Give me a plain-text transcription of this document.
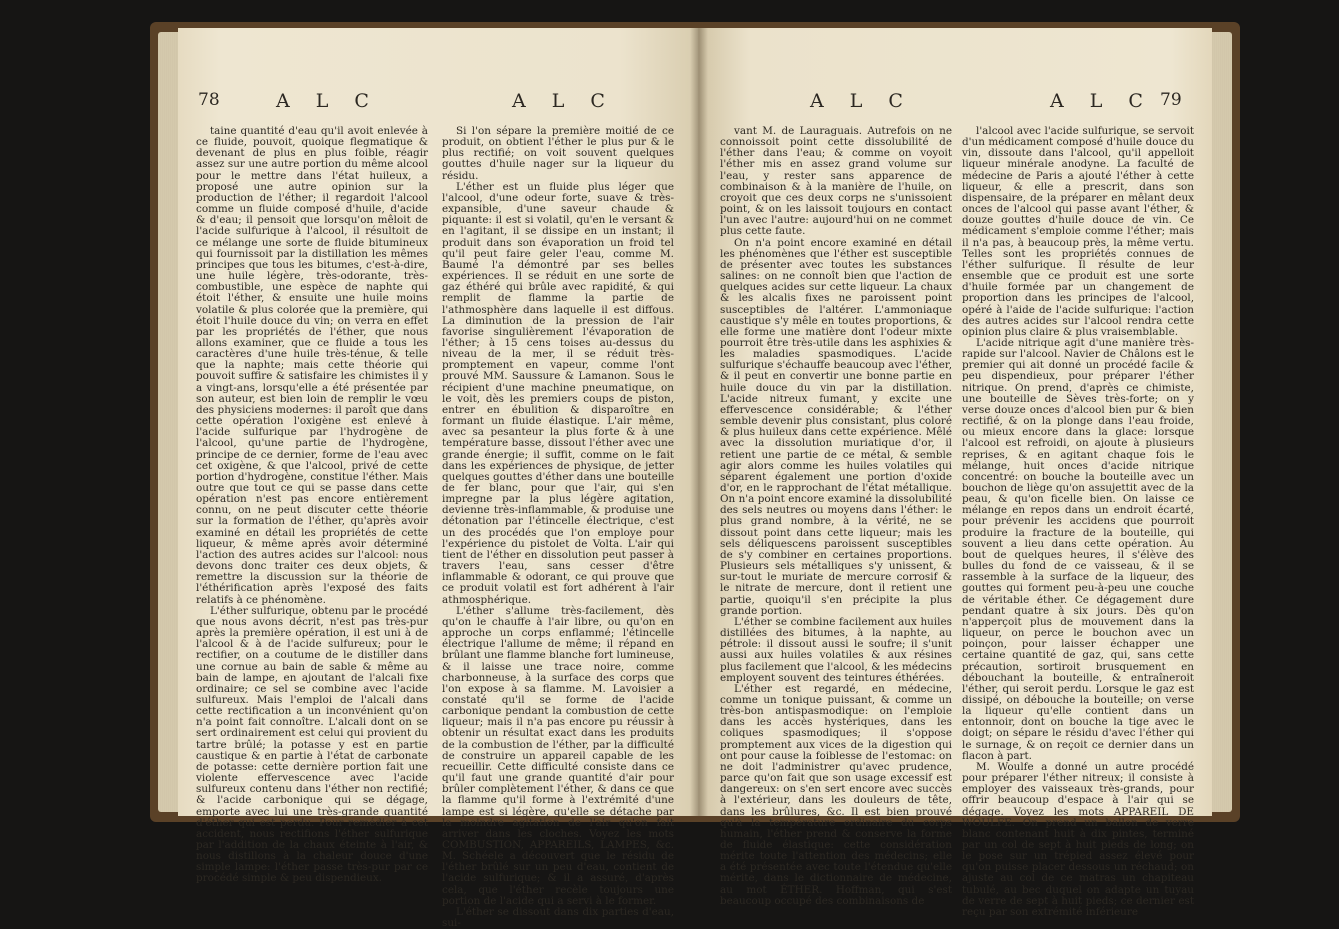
78	A L C	A L C

taine quantité d'eau qu'il avoit enlevée à ce fluide, pouvoit, quoique flegmatique & devenant de plus en plus foible, réagir assez sur une autre portion du même alcool pour le mettre dans l'état huileux, a proposé une autre opinion sur la production de l'éther; il regardoit l'alcool comme un fluide composé d'huile, d'acide & d'eau; il pensoit que lorsqu'on mêloit de l'acide sulfurique à l'alcool, il résultoit de ce mélange une sorte de fluide bitumineux qui fournissoit par la distillation les mêmes principes que tous les bitumes, c'est-à-dire, une huile légère, très-odorante, très-combustible, une espèce de naphte qui étoit l'éther, & ensuite une huile moins volatile & plus colorée que la première, qui étoit l'huile douce du vin; on verra en effet par les propriétés de l'éther, que nous allons examiner, que ce fluide a tous les caractères d'une huile très-ténue, & telle que la naphte; mais cette théorie qui pouvoit suffire & satisfaire les chimistes il y a vingt-ans, lorsqu'elle a été présentée par son auteur, est bien loin de remplir le vœu des physiciens modernes: il paroît que dans cette opération l'oxigène est enlevé à l'acide sulfurique par l'hydrogène de l'alcool, qu'une partie de l'hydrogène, principe de ce dernier, forme de l'eau avec cet oxigène, & que l'alcool, privé de cette portion d'hydrogène, constitue l'éther. Mais outre que tout ce qui se passe dans cette opération n'est pas encore entièrement connu, on ne peut discuter cette théorie sur la formation de l'éther, qu'après avoir examiné en détail les propriétés de cette liqueur, & même après avoir déterminé l'action des autres acides sur l'alcool: nous devons donc traiter ces deux objets, & remettre la discussion sur la théorie de l'éthérification après l'exposé des faits relatifs à ce phénomène.

L'éther sulfurique, obtenu par le procédé que nous avons décrit, n'est pas très-pur après la première opération, il est uni à de l'alcool & à de l'acide sulfureux; pour le rectifier, on a coutume de le distiller dans une cornue au bain de sable & même au bain de lampe, en ajoutant de l'alcali fixe ordinaire; ce sel se combine avec l'acide sulfureux. Mais l'emploi de l'alcali dans cette rectification a un inconvénient qu'on n'a point fait connoître. L'alcali dont on se sert ordinairement est celui qui provient du tartre brûlé; la potasse y est en partie caustique & en partie à l'état de carbonate de potasse: cette dernière portion fait une violente effervescence avec l'acide sulfureux contenu dans l'éther non rectifié; & l'acide carbonique qui se dégage, emporte avec lui une très-grande quantité d'éther qui est perdu. Pour remédier à cet accident, nous rectifions l'éther sulfurique par l'addition de la chaux éteinte à l'air, & nous distillons à la chaleur douce d'une simple lampe: l'éther passe très-pur par ce procédé simple & peu dispendieux.

Si l'on sépare la première moitié de ce produit, on obtient l'éther le plus pur & le plus rectifié; on voit souvent quelques gouttes d'huile nager sur la liqueur du résidu.

L'éther est un fluide plus léger que l'alcool, d'une odeur forte, suave & très-expansible, d'une saveur chaude & piquante: il est si volatil, qu'en le versant & en l'agitant, il se dissipe en un instant; il produit dans son évaporation un froid tel qu'il peut faire geler l'eau, comme M. Baumé l'a démontré par ses belles expériences. Il se réduit en une sorte de gaz éthéré qui brûle avec rapidité, & qui remplit de flamme la partie de l'athmosphère dans laquelle il est diffous. La diminution de la pression de l'air favorise singulièrement l'évaporation de l'éther; à 15 cens toises au-dessus du niveau de la mer, il se réduit très-promptement en vapeur, comme l'ont prouvé MM. Saussure & Lamanon. Sous le récipient d'une machine pneumatique, on le voit, dès les premiers coups de piston, entrer en ébulition & disparoître en formant un fluide élastique. L'air même, avec sa pesanteur la plus forte & à une température basse, dissout l'éther avec une grande énergie; il suffit, comme on le fait dans les expériences de physique, de jetter quelques gouttes d'éther dans une bouteille de fer blanc, pour que l'air, qui s'en impregne par la plus légère agitation, devienne très-inflammable, & produise une détonation par l'étincelle électrique, c'est un des procédés que l'on employe pour l'expérience du pistolet de Volta. L'air qui tient de l'éther en dissolution peut passer à travers l'eau, sans cesser d'être inflammable & odorant, ce qui prouve que ce produit volatil est fort adhérent à l'air athmosphérique.

L'éther s'allume très-facilement, dès qu'on le chauffe à l'air libre, ou qu'on en approche un corps enflammé; l'étincelle électrique l'allume de même; il répand en brûlant une flamme blanche fort lumineuse, & il laisse une trace noire, comme charbonneuse, à la surface des corps que l'on expose à sa flamme. M. Lavoisier a constaté qu'il se forme de l'acide carbonique pendant la combustion de cette liqueur; mais il n'a pas encore pu réussir à obtenir un résultat exact dans les produits de la combustion de l'éther, par la difficulté de construire un appareil capable de les recueillir. Cette difficulté consiste dans ce qu'il faut une grande quantité d'air pour brûler complètement l'éther, & dans ce que la flamme qu'il forme à l'extrémité d'une lampe est si légère, qu'elle se détache par la moindre agitation de l'air qu'on fait arriver dans les cloches. Voyez les mots COMBUSTION, APPAREILS, LAMPES, &c. M. Schéele a découvert que le résidu de l'éther brûlé sur un peu d'eau, contient de l'acide sulfurique; & il a assuré, d'après cela, que l'éther recèle toujours une portion de l'acide qui a servi à le former.

L'éther se dissout dans dix parties d'eau, sui-

A L C	A L C 79

vant M. de Lauraguais. Autrefois on ne connoissoit point cette dissolubilité de l'éther dans l'eau; & comme on voyoit l'éther mis en assez grand volume sur l'eau, y rester sans apparence de combinaison & à la manière de l'huile, on croyoit que ces deux corps ne s'unissoient point, & on les laissoit toujours en contact l'un avec l'autre: aujourd'hui on ne commet plus cette faute.

On n'a point encore examiné en détail les phénomènes que l'éther est susceptible de présenter avec toutes les substances salines: on ne connoît bien que l'action de quelques acides sur cette liqueur. La chaux & les alcalis fixes ne paroissent point susceptibles de l'altérer. L'ammoniaque caustique s'y mêle en toutes proportions, & elle forme une matière dont l'odeur mixte pourroit être très-utile dans les asphixies & les maladies spasmodiques. L'acide sulfurique s'échauffe beaucoup avec l'éther, & il peut en convertir une bonne partie en huile douce du vin par la distillation. L'acide nitreux fumant, y excite une effervescence considérable; & l'éther semble devenir plus consistant, plus coloré & plus huileux dans cette expérience. Mêlé avec la dissolution muriatique d'or, il retient une partie de ce métal, & semble agir alors comme les huiles volatiles qui séparent également une portion d'oxide d'or, en le rapprochant de l'état métallique. On n'a point encore examiné la dissolubilité des sels neutres ou moyens dans l'éther: le plus grand nombre, à la vérité, ne se dissout point dans cette liqueur; mais les sels déliquescens paroissent susceptibles de s'y combiner en certaines proportions. Plusieurs sels métalliques s'y unissent, & sur-tout le muriate de mercure corrosif & le nitrate de mercure, dont il retient une partie, quoiqu'il s'en précipite la plus grande portion.

L'éther se combine facilement aux huiles distillées des bitumes, à la naphte, au pétrole: il dissout aussi le soufre; il s'unit aussi aux huiles volatiles & aux résines plus facilement que l'alcool, & les médecins employent souvent des teintures éthérées.

L'éther est regardé, en médecine, comme un tonique puissant, & comme un très-bon antispasmodique: on l'emploie dans les accès hystériques, dans les coliques spasmodiques; il s'oppose promptement aux vices de la digestion qui ont pour cause la foiblesse de l'estomac: on ne doit l'administrer qu'avec prudence, parce qu'on fait que son usage excessif est dangereux: on s'en sert encore avec succès à l'extérieur, dans les douleurs de tête, dans les brûlures, &c. Il est bien prouvé qu'à la température ordinaire du corps humain, l'éther prend & conserve la forme de fluide élastique: cette considération mérite toute l'attention des médecins; elle a été présentée avec toute l'étendue qu'elle mérite, dans le dictionnaire de médecine, au mot ÉTHER. Hoffman, qui s'est beaucoup occupé des combinaisons de

l'alcool avec l'acide sulfurique, se servoit d'un médicament composé d'huile douce du vin, dissoute dans l'alcool, qu'il appelloit liqueur minérale anodyne. La faculté de médecine de Paris a ajouté l'éther à cette liqueur, & elle a prescrit, dans son dispensaire, de la préparer en mêlant deux onces de l'alcool qui passe avant l'éther, & douze gouttes d'huile douce de vin. Ce médicament s'emploie comme l'éther; mais il n'a pas, à beaucoup près, la même vertu. Telles sont les propriétés connues de l'éther sulfurique. Il résulte de leur ensemble que ce produit est une sorte d'huile formée par un changement de proportion dans les principes de l'alcool, opéré à l'aide de l'acide sulfurique: l'action des autres acides sur l'alcool rendra cette opinion plus claire & plus vraisemblable.

L'acide nitrique agit d'une manière très-rapide sur l'alcool. Navier de Châlons est le premier qui ait donné un procédé facile & peu dispendieux, pour préparer l'éther nitrique. On prend, d'après ce chimiste, une bouteille de Sèves très-forte; on y verse douze onces d'alcool bien pur & bien rectifié, & on la plonge dans l'eau froide, ou mieux encore dans la glace: lorsque l'alcool est refroidi, on ajoute à plusieurs reprises, & en agitant chaque fois le mélange, huit onces d'acide nitrique concentré: on bouche la bouteille avec un bouchon de liège qu'on assujettit avec de la peau, & qu'on ficelle bien. On laisse ce mélange en repos dans un endroit écarté, pour prévenir les accidens que pourroit produire la fracture de la bouteille, qui souvent a lieu dans cette opération. Au bout de quelques heures, il s'élève des bulles du fond de ce vaisseau, & il se rassemble à la surface de la liqueur, des gouttes qui forment peu-à-peu une couche de véritable éther. Ce dégagement dure pendant quatre à six jours. Dès qu'on n'apperçoit plus de mouvement dans la liqueur, on perce le bouchon avec un poinçon, pour laisser échapper une certaine quantité de gaz, qui, sans cette précaution, sortiroit brusquement en débouchant la bouteille, & entraîneroit l'éther, qui seroit perdu. Lorsque le gaz est dissipé, on débouche la bouteille; on verse la liqueur qu'elle contient dans un entonnoir, dont on bouche la tige avec le doigt; on sépare le résidu d'avec l'éther qui le surnage, & on reçoit ce dernier dans un flacon à part.

M. Woulfe a donné un autre procédé pour préparer l'éther nitreux; il consiste à employer des vaisseaux très-grands, pour offrir beaucoup d'espace à l'air qui se dégage. Voyez les mots APPAREIL DE WOULFE. On prend un ballon de verre blanc contenant huit à dix pintes, terminé par un col de sept à huit pieds de long; on le pose sur un trépied assez élevé pour qu'on puisse placer dessous un réchaud; on ajuste au col de ce matras un chapiteau tubulé, au bec duquel on adapte un tuyau de verre de sept à huit pieds; ce dernier est reçu par son extrémité inférieure
